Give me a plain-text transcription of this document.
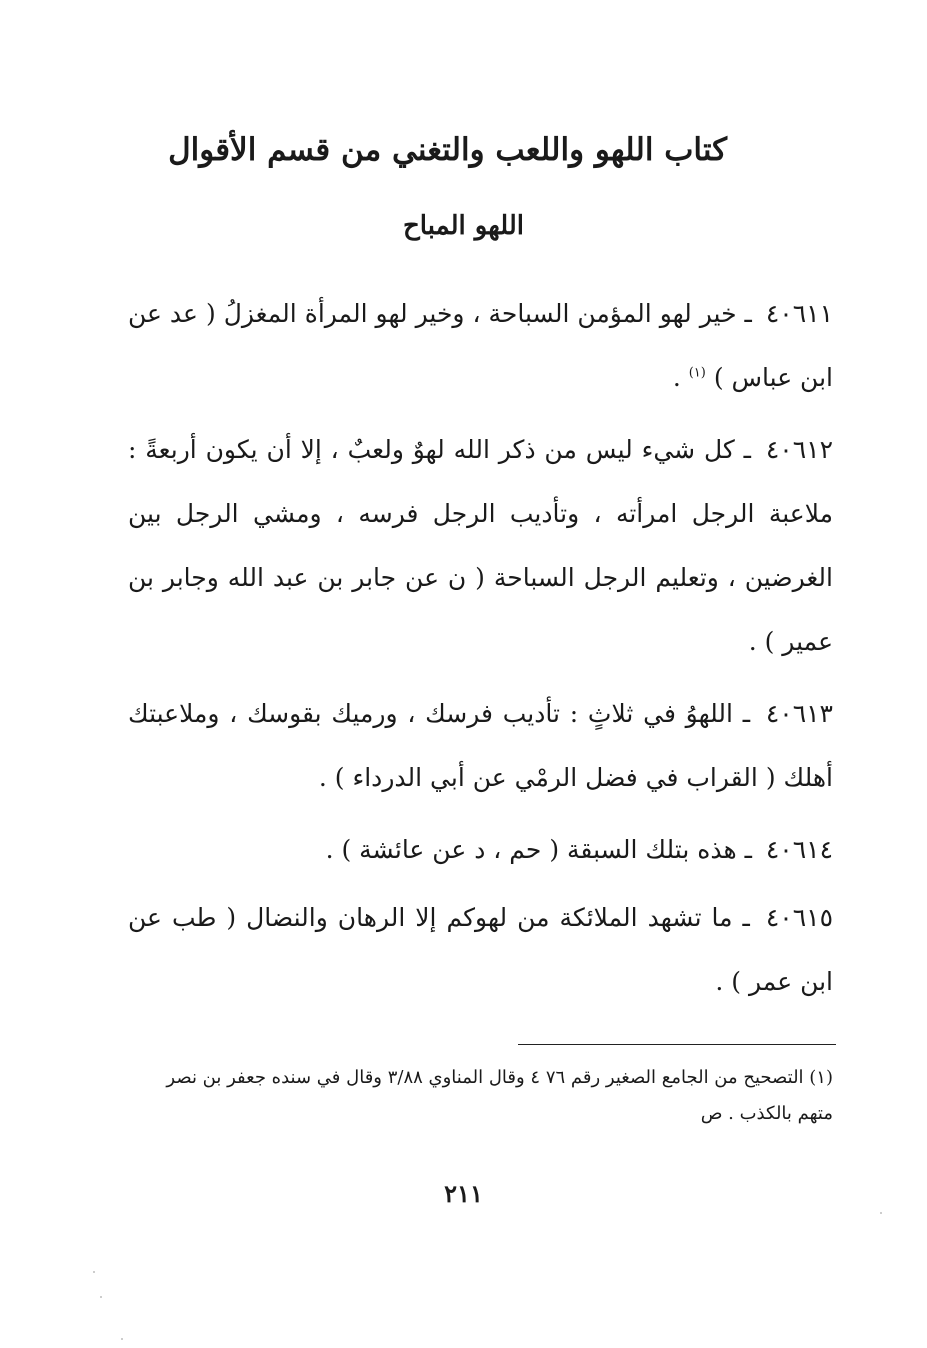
كتاب اللهو واللعب والتغني من قسم الأقوال
اللهو المباح

٤٠٦١١ ـ خير لهو المؤمن السباحة ، وخير لهو المرأة المغزلُ ( عد عن ابن عباس ) $^{(١)}$ .

٤٠٦١٢ ـ كل شيء ليس من ذكر الله لهوٌ ولعبٌ ، إلا أن يكون أربعةً : ملاعبة الرجل امرأته ، وتأديب الرجل فرسه ، ومشي الرجل بين الغرضين ، وتعليم الرجل السباحة ( ن عن جابر بن عبد الله وجابر بن عمير ) .

٤٠٦١٣ ـ اللهوُ في ثلاثٍ : تأديب فرسك ، ورميك بقوسك ، وملاعبتك أهلك ( القراب في فضل الرمْي عن أبي الدرداء ) .

٤٠٦١٤ ـ هذه بتلك السبقة ( حم ، د عن عائشة ) .

٤٠٦١٥ ـ ما تشهد الملائكة من لهوكم إلا الرهان والنضال ( طب عن ابن عمر ) .

(١) التصحيح من الجامع الصغير رقم ٧٦ ٤ وقال المناوي ٣/٨٨ وقال في سنده جعفر بن نصر متهم بالكذب . ص

٢١١
